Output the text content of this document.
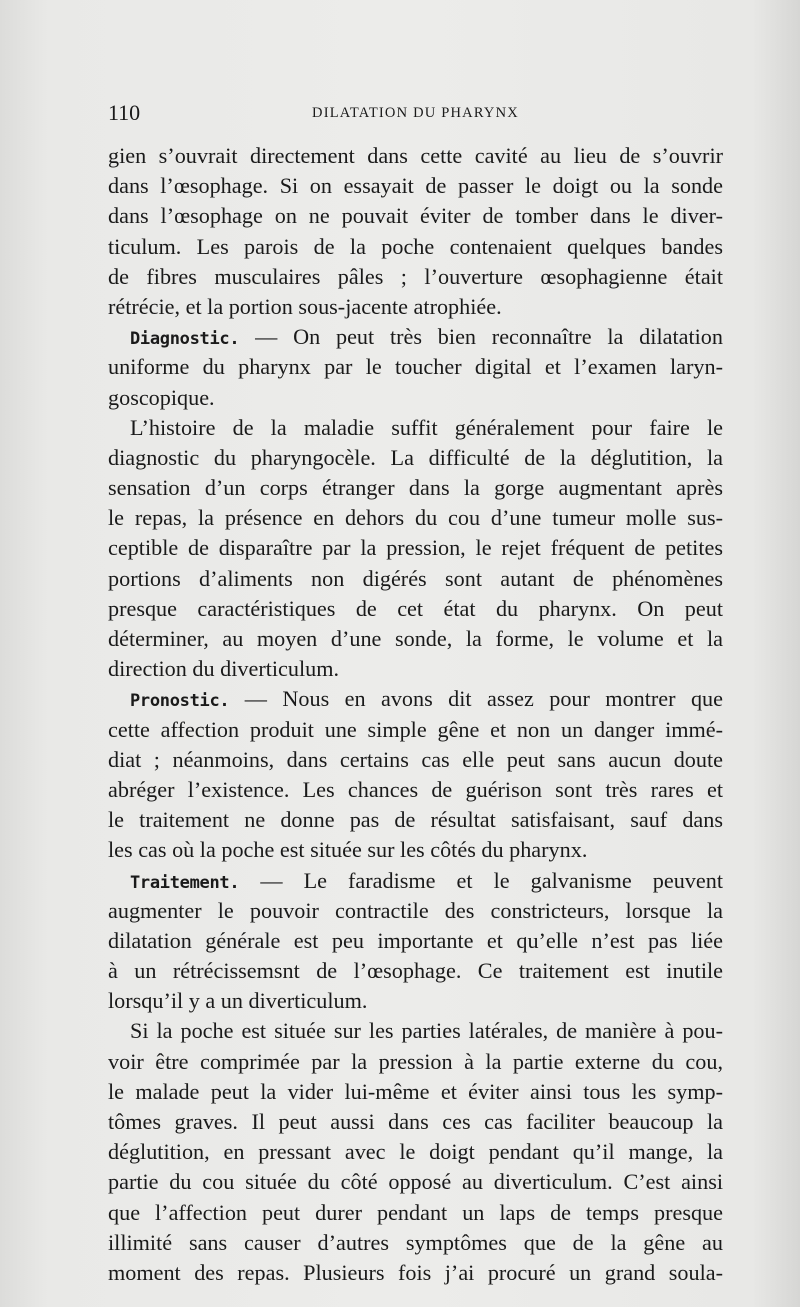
110	DILATATION DU PHARYNX
gien s’ouvrait directement dans cette cavité au lieu de s’ouvrir
dans l’œsophage. Si on essayait de passer le doigt ou la sonde
dans l’œsophage on ne pouvait éviter de tomber dans le diver-
ticulum. Les parois de la poche contenaient quelques bandes
de fibres musculaires pâles ; l’ouverture œsophagienne était
rétrécie, et la portion sous-jacente atrophiée.
Diagnostic. — On peut très bien reconnaître la dilatation
uniforme du pharynx par le toucher digital et l’examen laryn-
goscopique.
L’histoire de la maladie suffit généralement pour faire le
diagnostic du pharyngocèle. La difficulté de la déglutition, la
sensation d’un corps étranger dans la gorge augmentant après
le repas, la présence en dehors du cou d’une tumeur molle sus-
ceptible de disparaître par la pression, le rejet fréquent de petites
portions d’aliments non digérés sont autant de phénomènes
presque caractéristiques de cet état du pharynx. On peut
déterminer, au moyen d’une sonde, la forme, le volume et la
direction du diverticulum.
Pronostic. — Nous en avons dit assez pour montrer que
cette affection produit une simple gêne et non un danger immé-
diat ; néanmoins, dans certains cas elle peut sans aucun doute
abréger l’existence. Les chances de guérison sont très rares et
le traitement ne donne pas de résultat satisfaisant, sauf dans
les cas où la poche est située sur les côtés du pharynx.
Traitement. — Le faradisme et le galvanisme peuvent
augmenter le pouvoir contractile des constricteurs, lorsque la
dilatation générale est peu importante et qu’elle n’est pas liée
à un rétrécissemsnt de l’œsophage. Ce traitement est inutile
lorsqu’il y a un diverticulum.
Si la poche est située sur les parties latérales, de manière à pou-
voir être comprimée par la pression à la partie externe du cou,
le malade peut la vider lui-même et éviter ainsi tous les symp-
tômes graves. Il peut aussi dans ces cas faciliter beaucoup la
déglutition, en pressant avec le doigt pendant qu’il mange, la
partie du cou située du côté opposé au diverticulum. C’est ainsi
que l’affection peut durer pendant un laps de temps presque
illimité sans causer d’autres symptômes que de la gêne au
moment des repas. Plusieurs fois j’ai procuré un grand soula-
